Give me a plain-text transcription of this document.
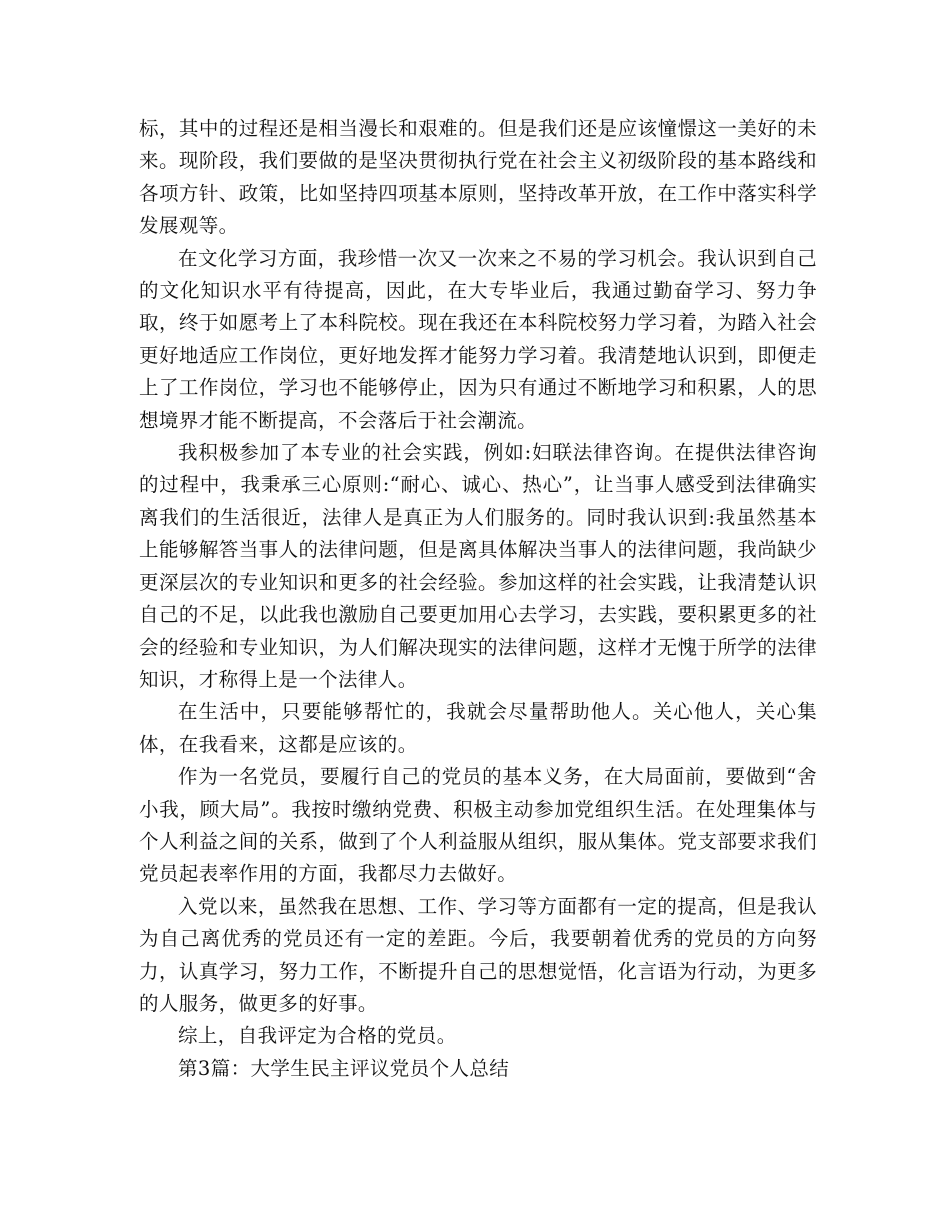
标，其中的过程还是相当漫长和艰难的。但是我们还是应该憧憬这一美好的未来。现阶段，我们要做的是坚决贯彻执行党在社会主义初级阶段的基本路线和各项方针、政策，比如坚持四项基本原则，坚持改革开放，在工作中落实科学发展观等。

在文化学习方面，我珍惜一次又一次来之不易的学习机会。我认识到自己的文化知识水平有待提高，因此，在大专毕业后，我通过勤奋学习、努力争取，终于如愿考上了本科院校。现在我还在本科院校努力学习着，为踏入社会更好地适应工作岗位，更好地发挥才能努力学习着。我清楚地认识到，即便走上了工作岗位，学习也不能够停止，因为只有通过不断地学习和积累，人的思想境界才能不断提高，不会落后于社会潮流。

我积极参加了本专业的社会实践，例如:妇联法律咨询。在提供法律咨询的过程中，我秉承三心原则:“耐心、诚心、热心”，让当事人感受到法律确实离我们的生活很近，法律人是真正为人们服务的。同时我认识到:我虽然基本上能够解答当事人的法律问题，但是离具体解决当事人的法律问题，我尚缺少更深层次的专业知识和更多的社会经验。参加这样的社会实践，让我清楚认识自己的不足，以此我也激励自己要更加用心去学习，去实践，要积累更多的社会的经验和专业知识，为人们解决现实的法律问题，这样才无愧于所学的法律知识，才称得上是一个法律人。

在生活中，只要能够帮忙的，我就会尽量帮助他人。关心他人，关心集体，在我看来，这都是应该的。

作为一名党员，要履行自己的党员的基本义务，在大局面前，要做到“舍小我，顾大局”。我按时缴纳党费、积极主动参加党组织生活。在处理集体与个人利益之间的关系，做到了个人利益服从组织，服从集体。党支部要求我们党员起表率作用的方面，我都尽力去做好。

入党以来，虽然我在思想、工作、学习等方面都有一定的提高，但是我认为自己离优秀的党员还有一定的差距。今后，我要朝着优秀的党员的方向努力，认真学习，努力工作，不断提升自己的思想觉悟，化言语为行动，为更多的人服务，做更多的好事。

综上，自我评定为合格的党员。

第3篇：大学生民主评议党员个人总结
